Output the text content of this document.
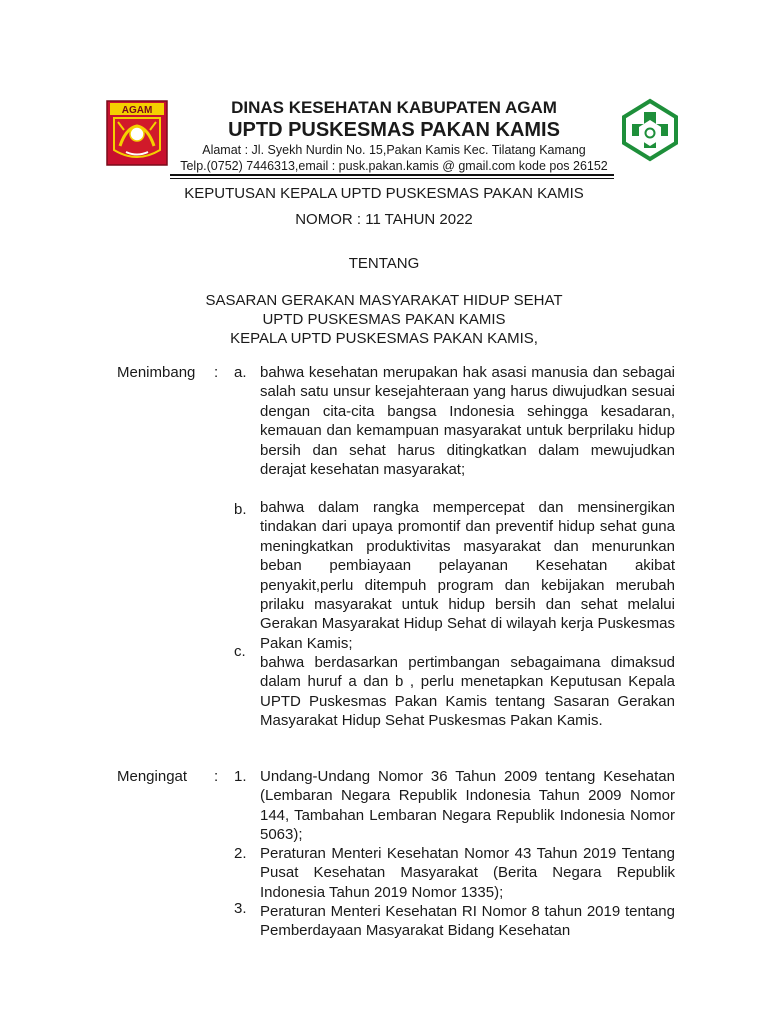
AGAM	DINAS KESEHATAN KABUPATEN AGAM
UPTD PUSKESMAS PAKAN KAMIS
Alamat : Jl. Syekh Nurdin No. 15,Pakan Kamis Kec. Tilatang Kamang
Telp.(0752) 7446313,email : pusk.pakan.kamis @ gmail.com kode pos 26152
KEPUTUSAN KEPALA UPTD PUSKESMAS PAKAN KAMIS
NOMOR : 11 TAHUN 2022
TENTANG
SASARAN GERAKAN MASYARAKAT HIDUP SEHAT
UPTD PUSKESMAS PAKAN KAMIS
KEPALA UPTD PUSKESMAS PAKAN KAMIS,
Menimbang : a. bahwa kesehatan merupakan hak asasi manusia dan sebagai salah satu unsur kesejahteraan yang harus diwujudkan sesuai dengan cita-cita bangsa Indonesia sehingga kesadaran, kemauan dan kemampuan masyarakat untuk berprilaku hidup bersih dan sehat harus ditingkatkan dalam mewujudkan derajat kesehatan masyarakat;
b. bahwa dalam rangka mempercepat dan mensinergikan tindakan dari upaya promontif dan preventif hidup sehat guna meningkatkan produktivitas masyarakat dan menurunkan beban pembiayaan pelayanan Kesehatan akibat penyakit,perlu ditempuh program dan kebijakan merubah prilaku masyarakat untuk hidup bersih dan sehat melalui Gerakan Masyarakat Hidup Sehat di wilayah kerja Puskesmas Pakan Kamis;
c.
bahwa berdasarkan pertimbangan sebagaimana dimaksud dalam huruf a dan b , perlu menetapkan Keputusan Kepala UPTD Puskesmas Pakan Kamis tentang Sasaran Gerakan Masyarakat Hidup Sehat Puskesmas Pakan Kamis.
Mengingat : 1. Undang-Undang Nomor 36 Tahun 2009 tentang Kesehatan (Lembaran Negara Republik Indonesia Tahun 2009 Nomor 144, Tambahan Lembaran Negara Republik Indonesia Nomor 5063);
2. Peraturan Menteri Kesehatan Nomor 43 Tahun 2019 Tentang Pusat Kesehatan Masyarakat (Berita Negara Republik Indonesia Tahun 2019 Nomor 1335);
3. Peraturan Menteri Kesehatan RI Nomor 8 tahun 2019 tentang Pemberdayaan Masyarakat Bidang Kesehatan
